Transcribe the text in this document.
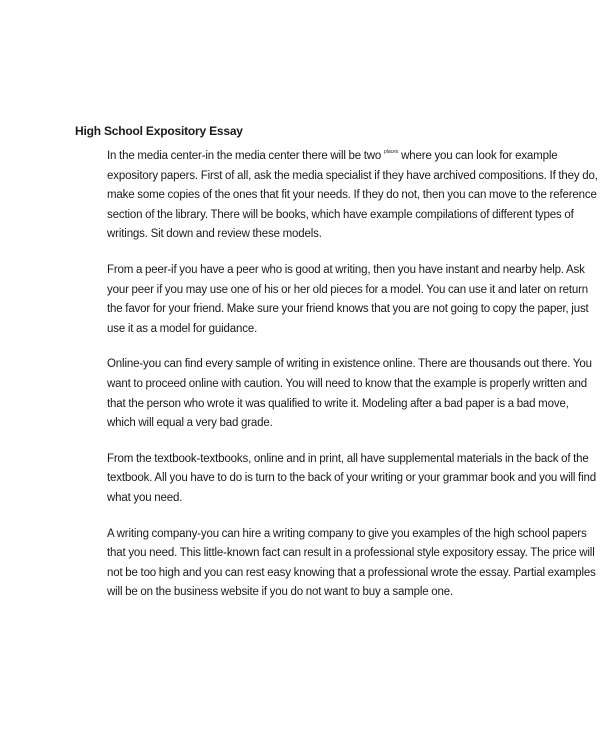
High School Expository Essay

In the media center-in the media center there will be two $^{places}$ where you can look for example
expository papers. First of all, ask the media specialist if they have archived compositions. If they do,
make some copies of the ones that fit your needs. If they do not, then you can move to the reference
section of the library. There will be books, which have example compilations of different types of
writings. Sit down and review these models.

From a peer-if you have a peer who is good at writing, then you have instant and nearby help. Ask
your peer if you may use one of his or her old pieces for a model. You can use it and later on return
the favor for your friend. Make sure your friend knows that you are not going to copy the paper, just
use it as a model for guidance.

Online-you can find every sample of writing in existence online. There are thousands out there. You
want to proceed online with caution. You will need to know that the example is properly written and
that the person who wrote it was qualified to write it. Modeling after a bad paper is a bad move,
which will equal a very bad grade.

From the textbook-textbooks, online and in print, all have supplemental materials in the back of the
textbook. All you have to do is turn to the back of your writing or your grammar book and you will find
what you need.

A writing company-you can hire a writing company to give you examples of the high school papers
that you need. This little-known fact can result in a professional style expository essay. The price will
not be too high and you can rest easy knowing that a professional wrote the essay. Partial examples
will be on the business website if you do not want to buy a sample one.
